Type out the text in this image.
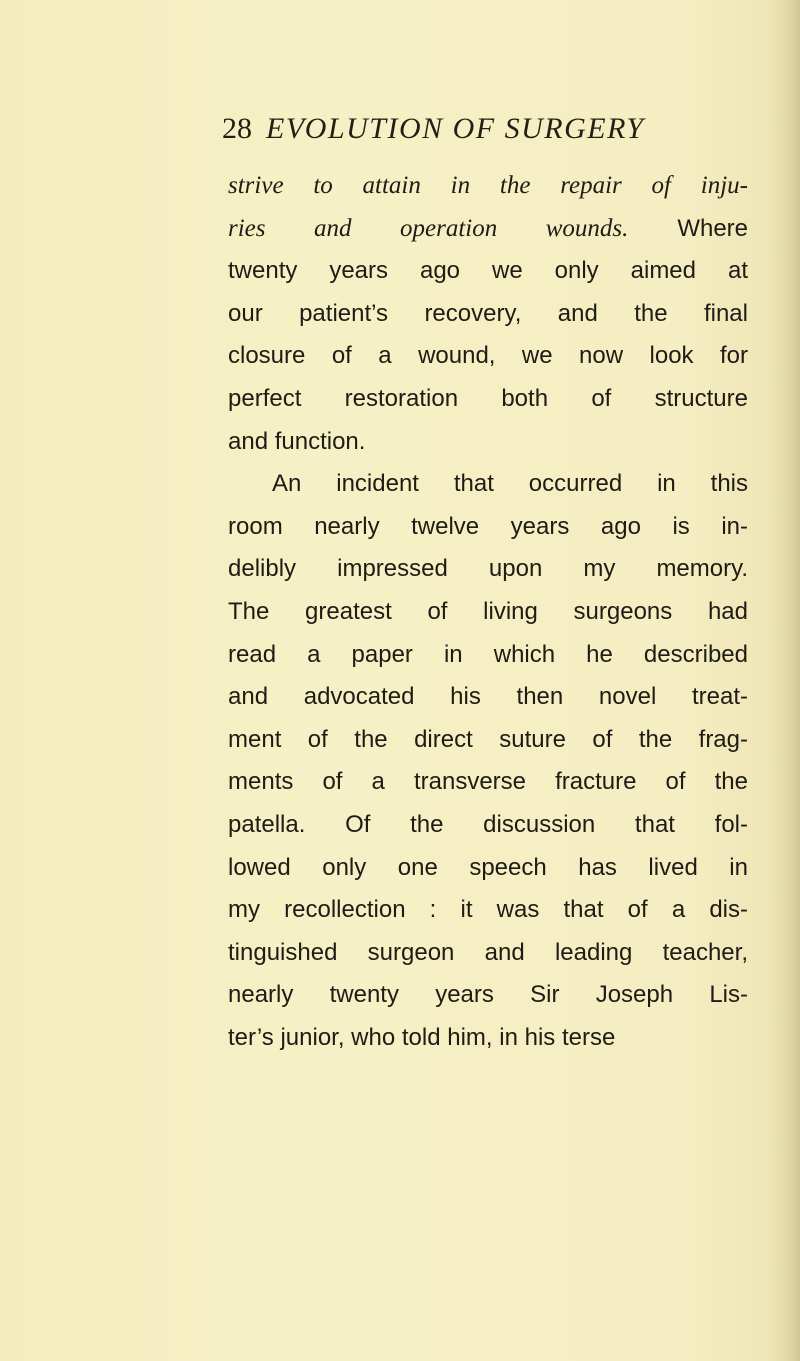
28 EVOLUTION OF SURGERY
strive to attain in the repair of inju-
ries and operation wounds. Where
twenty years ago we only aimed at
our patient’s recovery, and the final
closure of a wound, we now look for
perfect restoration both of structure
and function.
An incident that occurred in this
room nearly twelve years ago is in-
delibly impressed upon my memory.
The greatest of living surgeons had
read a paper in which he described
and advocated his then novel treat-
ment of the direct suture of the frag-
ments of a transverse fracture of the
patella. Of the discussion that fol-
lowed only one speech has lived in
my recollection : it was that of a dis-
tinguished surgeon and leading teacher,
nearly twenty years Sir Joseph Lis-
ter’s junior, who told him, in his terse
